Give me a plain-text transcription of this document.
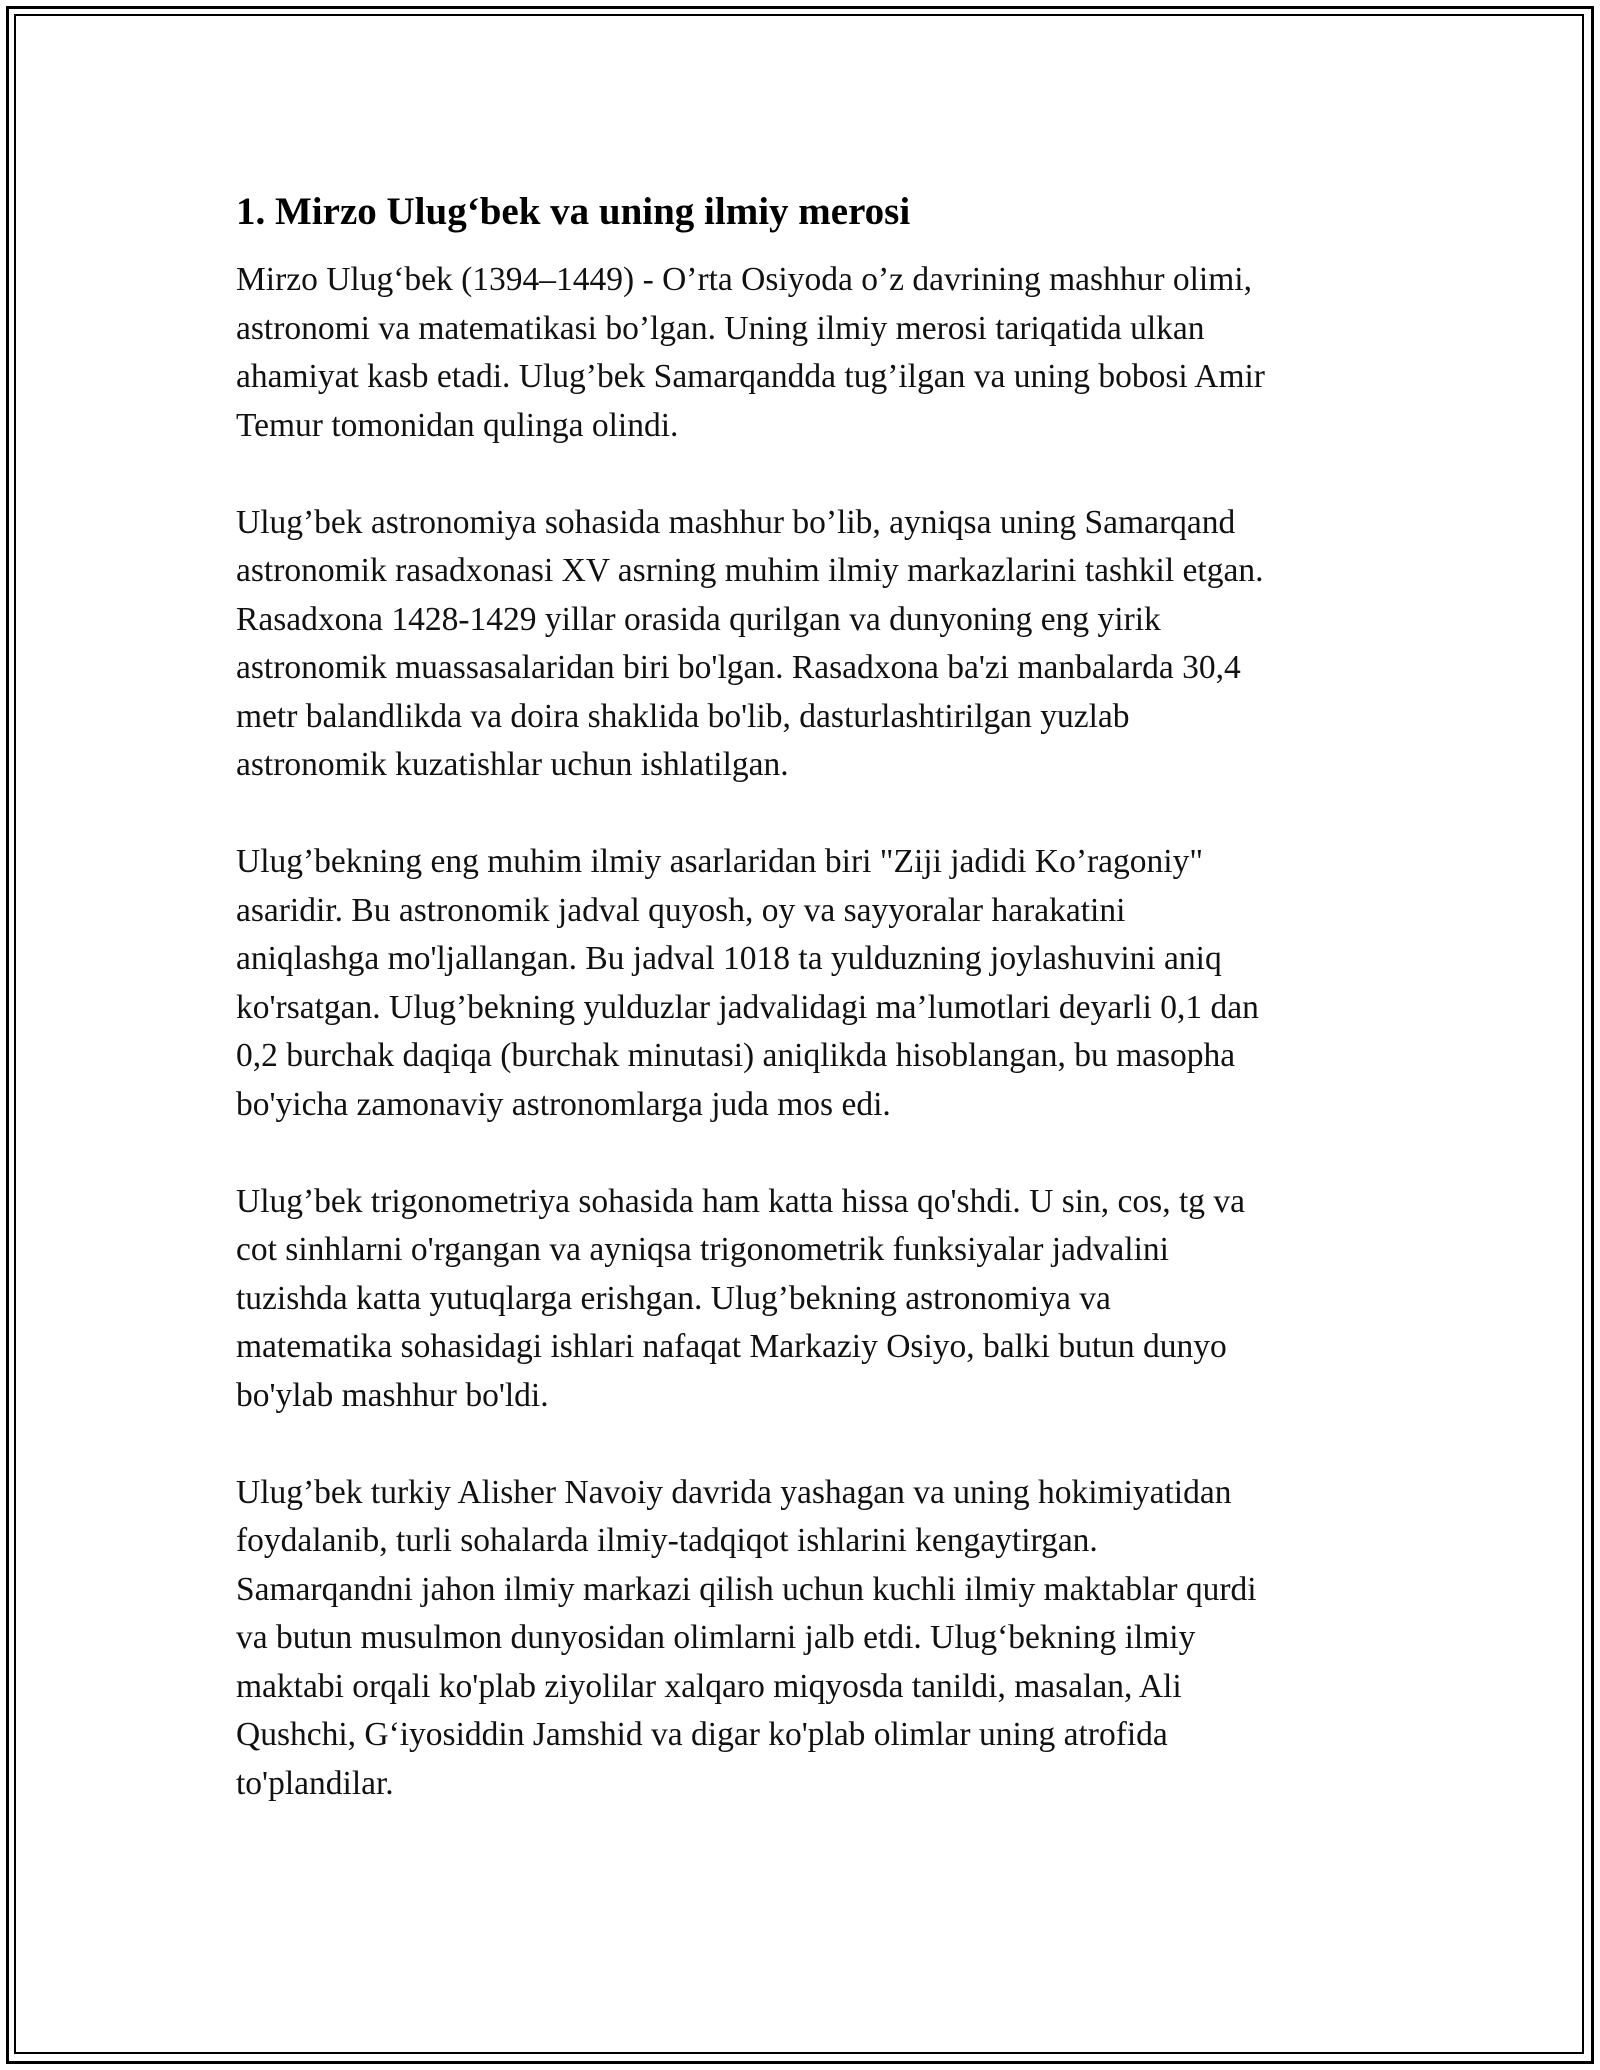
1. Mirzo Ulug‘bek va uning ilmiy merosi
Mirzo Ulug‘bek (1394–1449) - O’rta Osiyoda o’z davrining mashhur olimi,
astronomi va matematikasi bo’lgan. Uning ilmiy merosi tariqatida ulkan
ahamiyat kasb etadi. Ulug’bek Samarqandda tug’ilgan va uning bobosi Amir
Temur tomonidan qulinga olindi.
Ulug’bek astronomiya sohasida mashhur bo’lib, ayniqsa uning Samarqand
astronomik rasadxonasi XV asrning muhim ilmiy markazlarini tashkil etgan.
Rasadxona 1428-1429 yillar orasida qurilgan va dunyoning eng yirik
astronomik muassasalaridan biri bo'lgan. Rasadxona ba'zi manbalarda 30,4
metr balandlikda va doira shaklida bo'lib, dasturlashtirilgan yuzlab
astronomik kuzatishlar uchun ishlatilgan.
Ulug’bekning eng muhim ilmiy asarlaridan biri "Ziji jadidi Ko’ragoniy"
asaridir. Bu astronomik jadval quyosh, oy va sayyoralar harakatini
aniqlashga mo'ljallangan. Bu jadval 1018 ta yulduzning joylashuvini aniq
ko'rsatgan. Ulug’bekning yulduzlar jadvalidagi ma’lumotlari deyarli 0,1 dan
0,2 burchak daqiqa (burchak minutasi) aniqlikda hisoblangan, bu masopha
bo'yicha zamonaviy astronomlarga juda mos edi.
Ulug’bek trigonometriya sohasida ham katta hissa qo'shdi. U sin, cos, tg va
cot sinhlarni o'rgangan va ayniqsa trigonometrik funksiyalar jadvalini
tuzishda katta yutuqlarga erishgan. Ulug’bekning astronomiya va
matematika sohasidagi ishlari nafaqat Markaziy Osiyo, balki butun dunyo
bo'ylab mashhur bo'ldi.
Ulug’bek turkiy Alisher Navoiy davrida yashagan va uning hokimiyatidan
foydalanib, turli sohalarda ilmiy-tadqiqot ishlarini kengaytirgan.
Samarqandni jahon ilmiy markazi qilish uchun kuchli ilmiy maktablar qurdi
va butun musulmon dunyosidan olimlarni jalb etdi. Ulug‘bekning ilmiy
maktabi orqali ko'plab ziyolilar xalqaro miqyosda tanildi, masalan, Ali
Qushchi, G‘iyosiddin Jamshid va digar ko'plab olimlar uning atrofida
to'plandilar.
